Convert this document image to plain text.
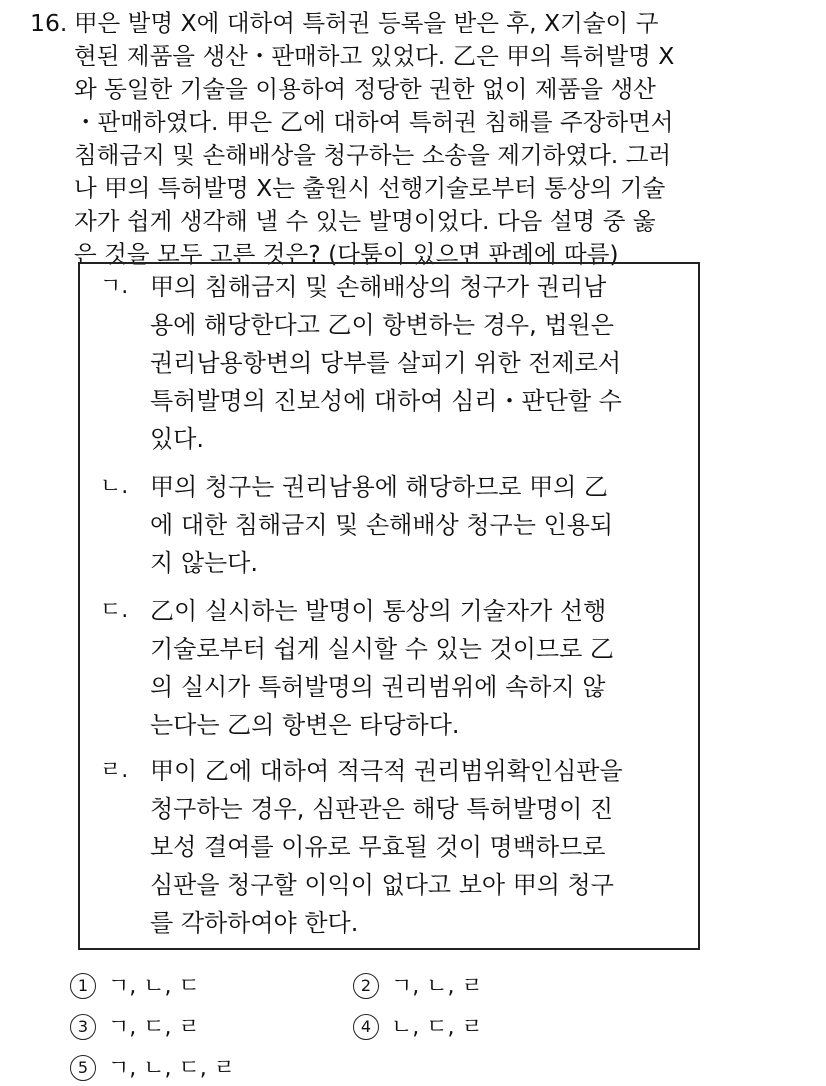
16. 甲은 발명 X에 대하여 특허권 등록을 받은 후, X기술이 구
현된 제품을 생산・판매하고 있었다. 乙은 甲의 특허발명 X
와 동일한 기술을 이용하여 정당한 권한 없이 제품을 생산
・판매하였다. 甲은 乙에 대하여 특허권 침해를 주장하면서
침해금지 및 손해배상을 청구하는 소송을 제기하였다. 그러
나 甲의 특허발명 X는 출원시 선행기술로부터 통상의 기술
자가 쉽게 생각해 낼 수 있는 발명이었다. 다음 설명 중 옳
은 것을 모두 고른 것은? (다툼이 있으면 판례에 따름)
ㄱ. 甲의 침해금지 및 손해배상의 청구가 권리남
용에 해당한다고 乙이 항변하는 경우, 법원은
권리남용항변의 당부를 살피기 위한 전제로서
특허발명의 진보성에 대하여 심리・판단할 수
있다.
ㄴ. 甲의 청구는 권리남용에 해당하므로 甲의 乙
에 대한 침해금지 및 손해배상 청구는 인용되
지 않는다.
ㄷ. 乙이 실시하는 발명이 통상의 기술자가 선행
기술로부터 쉽게 실시할 수 있는 것이므로 乙
의 실시가 특허발명의 권리범위에 속하지 않
는다는 乙의 항변은 타당하다.
ㄹ. 甲이 乙에 대하여 적극적 권리범위확인심판을
청구하는 경우, 심판관은 해당 특허발명이 진
보성 결여를 이유로 무효될 것이 명백하므로
심판을 청구할 이익이 없다고 보아 甲의 청구
를 각하하여야 한다.
1 ㄱ, ㄴ, ㄷ	2 ㄱ, ㄴ, ㄹ
3 ㄱ, ㄷ, ㄹ	4 ㄴ, ㄷ, ㄹ
5 ㄱ, ㄴ, ㄷ, ㄹ
